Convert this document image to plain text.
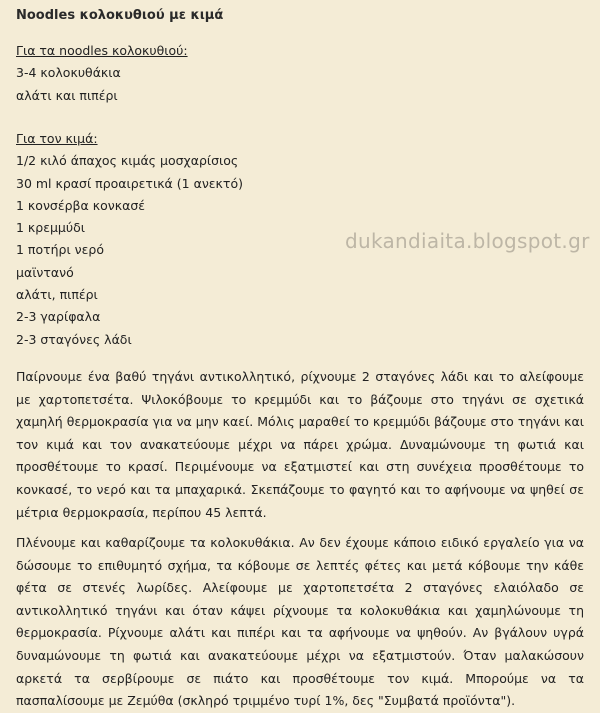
Noodles κολοκυθιού με κιμά
Για τα noodles κολοκυθιού:
3-4 κολοκυθάκια
αλάτι και πιπέρι
Για τον κιμά:
1/2 κιλό άπαχος κιμάς μοσχαρίσιος
30 ml κρασί προαιρετικά (1 ανεκτό)
1 κονσέρβα κονκασέ
1 κρεμμύδι
1 ποτήρι νερό
μαϊντανό
αλάτι, πιπέρι
2-3 γαρίφαλα
2-3 σταγόνες λάδι
dukandiaita.blogspot.gr

Παίρνουμε ένα βαθύ τηγάνι αντικολλητικό, ρίχνουμε 2 σταγόνες λάδι και το αλείφουμε με χαρτοπετσέτα. Ψιλοκόβουμε το κρεμμύδι και το βάζουμε στο τηγάνι σε σχετικά χαμηλή θερμοκρασία για να μην καεί. Μόλις μαραθεί το κρεμμύδι βάζουμε στο τηγάνι και τον κιμά και τον ανακατεύουμε μέχρι να πάρει χρώμα. Δυναμώνουμε τη φωτιά και προσθέτουμε το κρασί. Περιμένουμε να εξατμιστεί και στη συνέχεια προσθέτουμε το κονκασέ, το νερό και τα μπαχαρικά. Σκεπάζουμε το φαγητό και το αφήνουμε να ψηθεί σε μέτρια θερμοκρασία, περίπου 45 λεπτά.

Πλένουμε και καθαρίζουμε τα κολοκυθάκια. Αν δεν έχουμε κάποιο ειδικό εργαλείο για να δώσουμε το επιθυμητό σχήμα, τα κόβουμε σε λεπτές φέτες και μετά κόβουμε την κάθε φέτα σε στενές λωρίδες. Αλείφουμε με χαρτοπετσέτα 2 σταγόνες ελαιόλαδο σε αντικολλητικό τηγάνι και όταν κάψει ρίχνουμε τα κολοκυθάκια και χαμηλώνουμε τη θερμοκρασία. Ρίχνουμε αλάτι και πιπέρι και τα αφήνουμε να ψηθούν. Αν βγάλουν υγρά δυναμώνουμε τη φωτιά και ανακατεύουμε μέχρι να εξατμιστούν. Όταν μαλακώσουν αρκετά τα σερβίρουμε σε πιάτο και προσθέτουμε τον κιμά. Μπορούμε να τα πασπαλίσουμε με Ζεμύθα (σκληρό τριμμένο τυρί 1%, δες "Συμβατά προϊόντα").
